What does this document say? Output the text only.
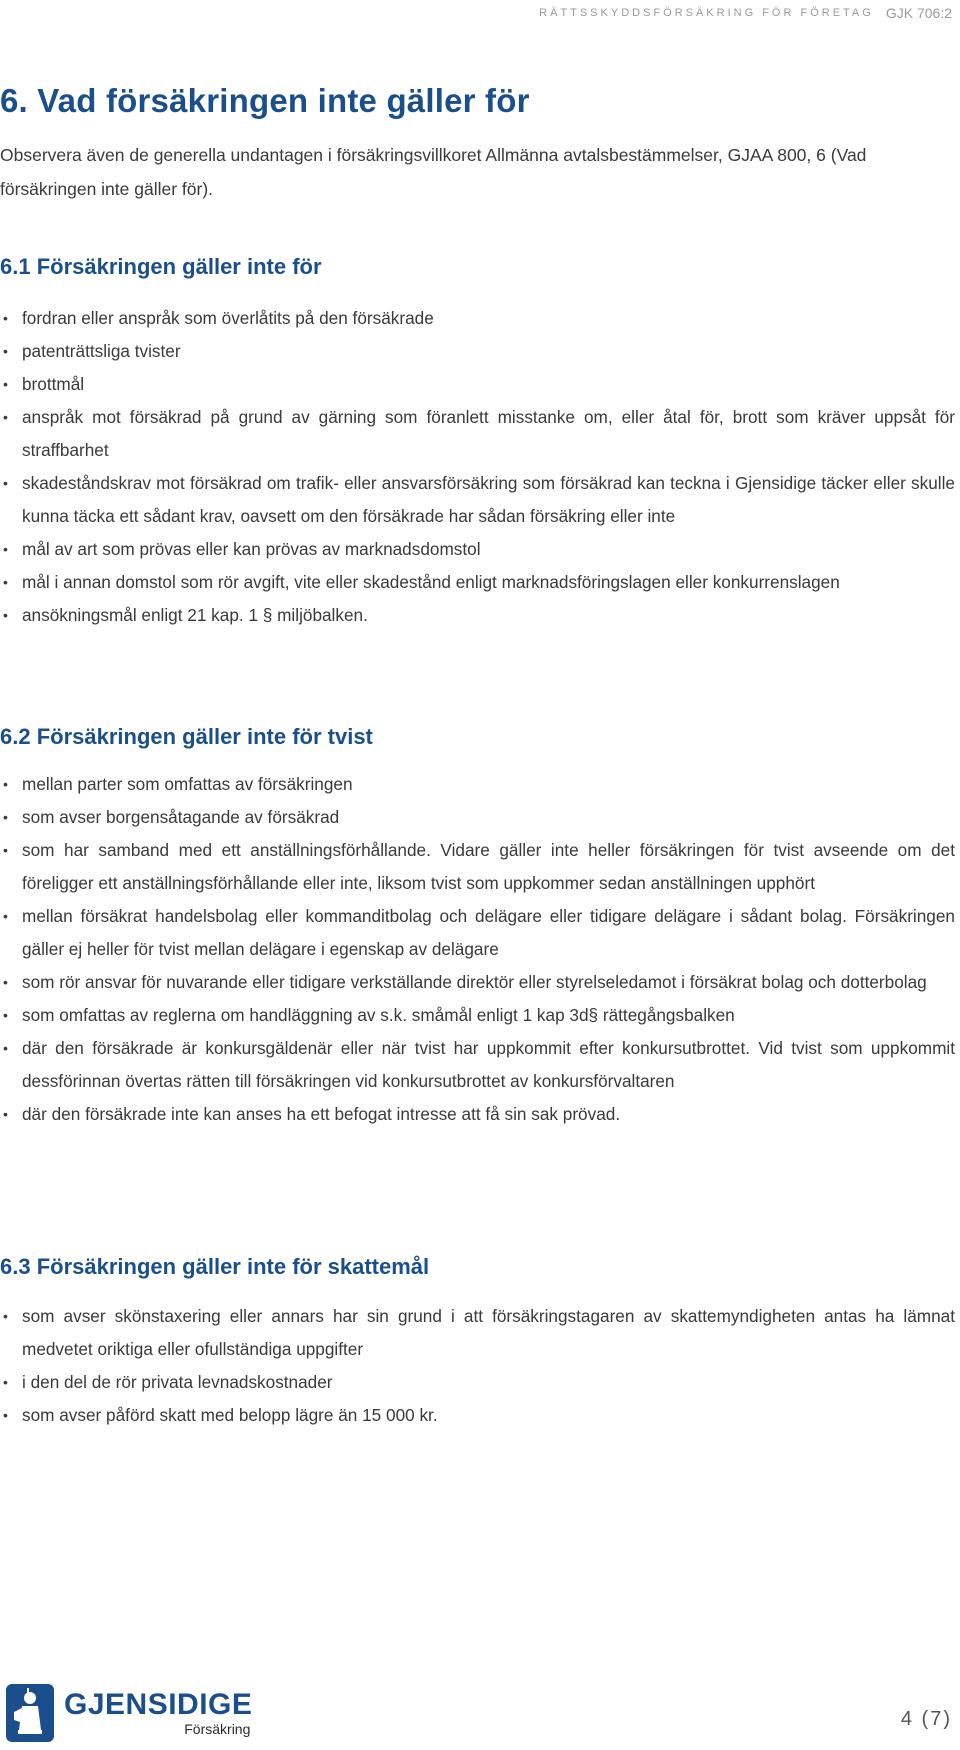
RÄTTSSKYDDSFÖRSÄKRING FÖR FÖRETAG GJK 706:2
6. Vad försäkringen inte gäller för

Observera även de generella undantagen i försäkringsvillkoret Allmänna avtalsbestämmelser, GJAA 800, 6 (Vad försäkringen inte gäller för).

6.1 Försäkringen gäller inte för
• fordran eller anspråk som överlåtits på den försäkrade
• patenträttsliga tvister
• brottmål
• anspråk mot försäkrad på grund av gärning som föranlett misstanke om, eller åtal för, brott som kräver uppsåt för straffbarhet
• skadeståndskrav mot försäkrad om trafik- eller ansvarsförsäkring som försäkrad kan teckna i Gjensidige täcker eller skulle kunna täcka ett sådant krav, oavsett om den försäkrade har sådan försäkring eller inte
• mål av art som prövas eller kan prövas av marknadsdomstol
• mål i annan domstol som rör avgift, vite eller skadestånd enligt marknadsföringslagen eller konkurrenslagen
• ansökningsmål enligt 21 kap. 1 § miljöbalken.
6.2 Försäkringen gäller inte för tvist
• mellan parter som omfattas av försäkringen
• som avser borgensåtagande av försäkrad
• som har samband med ett anställningsförhållande. Vidare gäller inte heller försäkringen för tvist avseende om det föreligger ett anställningsförhållande eller inte, liksom tvist som uppkommer sedan anställningen upphört
• mellan försäkrat handelsbolag eller kommanditbolag och delägare eller tidigare delägare i sådant bolag. Försäkringen gäller ej heller för tvist mellan delägare i egenskap av delägare
• som rör ansvar för nuvarande eller tidigare verkställande direktör eller styrelseledamot i försäkrat bolag och dotterbolag
• som omfattas av reglerna om handläggning av s.k. småmål enligt 1 kap 3d§ rättegångsbalken
• där den försäkrade är konkursgäldenär eller när tvist har uppkommit efter konkursutbrottet. Vid tvist som uppkommit dessförinnan övertas rätten till försäkringen vid konkursutbrottet av konkursförvaltaren
• där den försäkrade inte kan anses ha ett befogat intresse att få sin sak prövad.
6.3 Försäkringen gäller inte för skattemål
• som avser skönstaxering eller annars har sin grund i att försäkringstagaren av skattemyndigheten antas ha lämnat medvetet oriktiga eller ofullständiga uppgifter
• i den del de rör privata levnadskostnader
• som avser påförd skatt med belopp lägre än 15 000 kr.
GJENSIDIGE
Försäkring	4 (7)
